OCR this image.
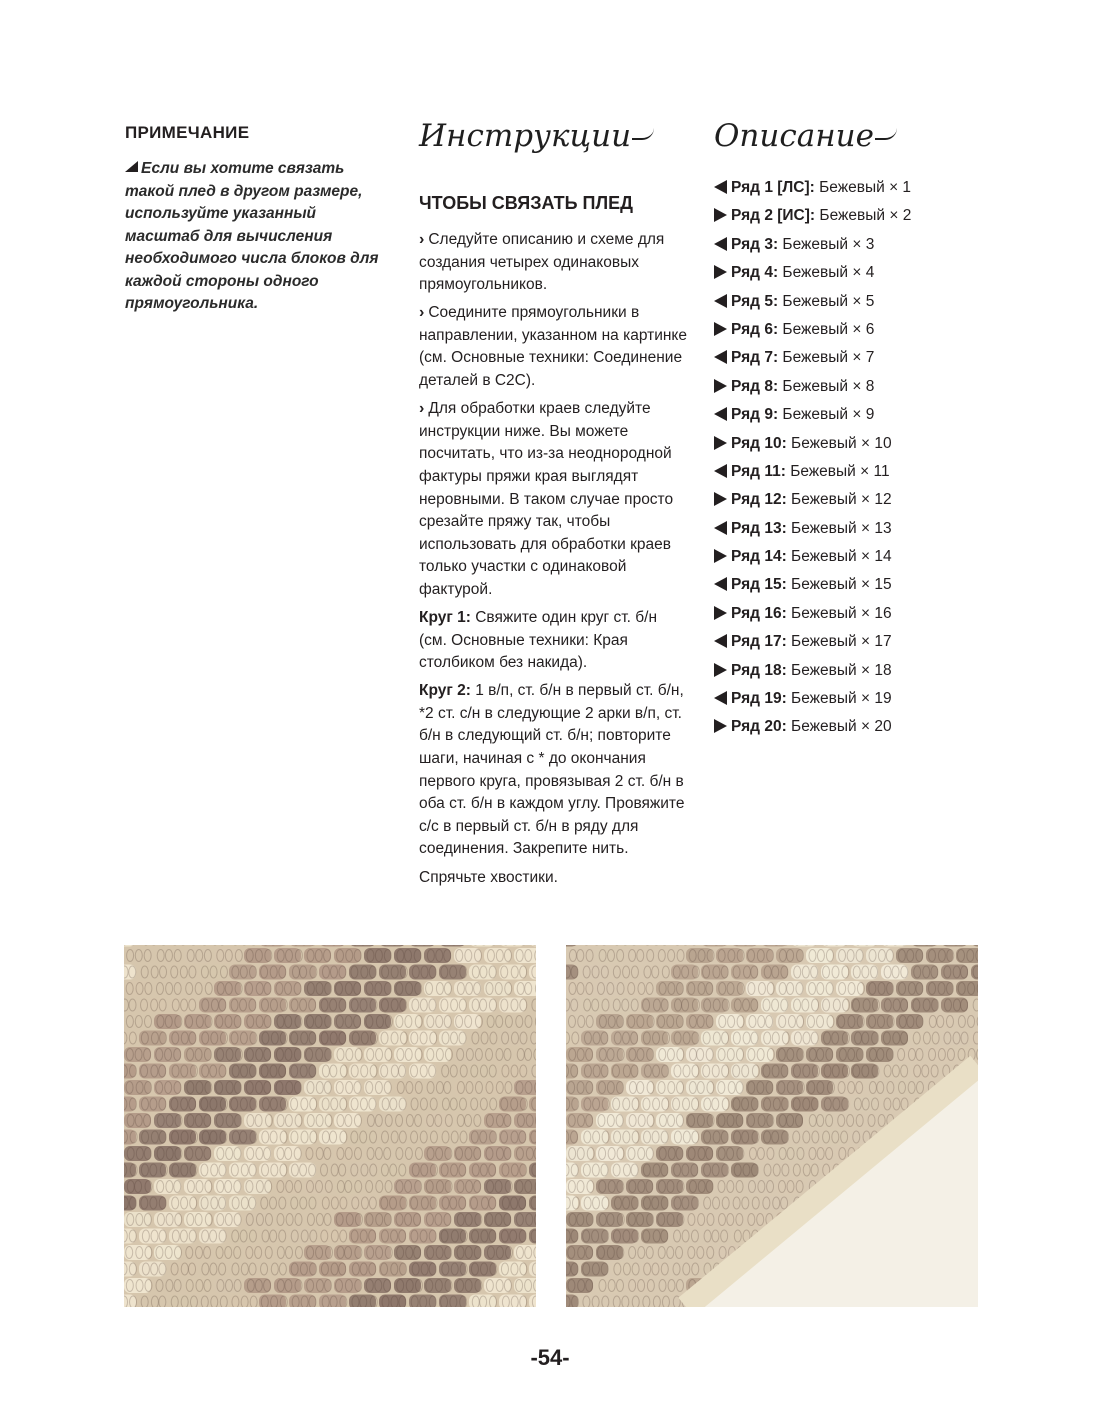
ПРИМЕЧАНИЕ
Если вы хотите связать такой плед в другом размере, используйте указанный масштаб для вычисления необходимого числа блоков для каждой стороны одного прямоугольника.
Инструкции
ЧТОБЫ СВЯЗАТЬ ПЛЕД

› Следуйте описанию и схеме для создания четырех одинаковых прямоугольников.

› Соедините прямоугольники в направлении, указанном на картинке (см. Основные техники: Соединение деталей в С2С).

› Для обработки краев следуйте инструкции ниже. Вы можете посчитать, что из-за неоднородной фактуры пряжи края выглядят неровными. В таком случае просто срезайте пряжу так, чтобы использовать для обработки краев только участки с одинаковой фактурой.

Круг 1: Свяжите один круг ст. б/н (см. Основные техники: Края столбиком без накида).

Круг 2: 1 в/п, ст. б/н в первый ст. б/н, *2 ст. с/н в следующие 2 арки в/п, ст. б/н в следующий ст. б/н; повторите шаги, начиная с * до окончания первого круга, провязывая 2 ст. б/н в оба ст. б/н в каждом углу. Провяжите с/с в первый ст. б/н в ряду для соединения. Закрепите нить.

Спрячьте хвостики.

Описание
Ряд 1 [ЛС]: Бежевый × 1
Ряд 2 [ИС]: Бежевый × 2
Ряд 3: Бежевый × 3
Ряд 4: Бежевый × 4
Ряд 5: Бежевый × 5
Ряд 6: Бежевый × 6
Ряд 7: Бежевый × 7
Ряд 8: Бежевый × 8
Ряд 9: Бежевый × 9
Ряд 10: Бежевый × 10
Ряд 11: Бежевый × 11
Ряд 12: Бежевый × 12
Ряд 13: Бежевый × 13
Ряд 14: Бежевый × 14
Ряд 15: Бежевый × 15
Ряд 16: Бежевый × 16
Ряд 17: Бежевый × 17
Ряд 18: Бежевый × 18
Ряд 19: Бежевый × 19
Ряд 20: Бежевый × 20
-54-
